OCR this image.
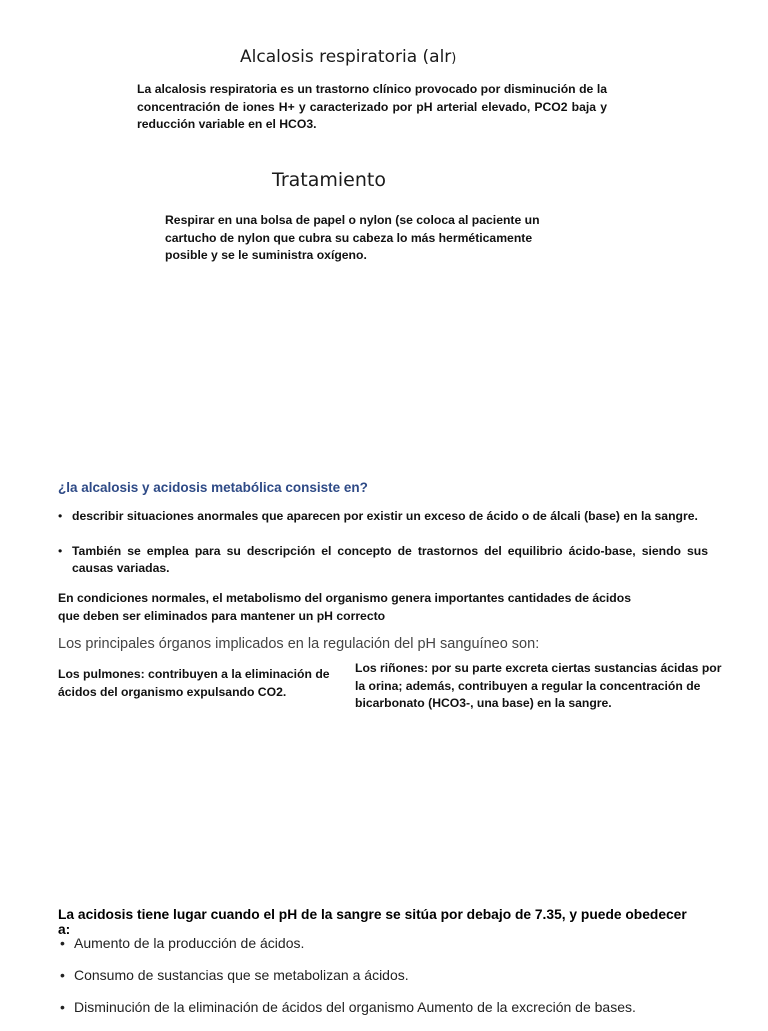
Alcalosis respiratoria (alr)
La alcalosis respiratoria es un trastorno clínico provocado por disminución de la concentración de iones H+ y caracterizado por pH arterial elevado, PCO2 baja y reducción variable en el HCO3.
Tratamiento
Respirar en una bolsa de papel o nylon (se coloca al paciente un cartucho de nylon que cubra su cabeza lo más herméticamente posible y se le suministra oxígeno.
¿la alcalosis y acidosis metabólica consiste en?
• describir situaciones anormales que aparecen por existir un exceso de ácido o de álcali (base) en la sangre.
• También se emplea para su descripción el concepto de trastornos del equilibrio ácido-base, siendo sus causas variadas.
En condiciones normales, el metabolismo del organismo genera importantes cantidades de ácidos que deben ser eliminados para mantener un pH correcto
Los principales órganos implicados en la regulación del pH sanguíneo son:
Los pulmones: contribuyen a la eliminación de ácidos del organismo expulsando CO2.
Los riñones: por su parte excreta ciertas sustancias ácidas por la orina; además, contribuyen a regular la concentración de bicarbonato (HCO3-, una base) en la sangre.
La acidosis tiene lugar cuando el pH de la sangre se sitúa por debajo de 7.35, y puede obedecer a:
• Aumento de la producción de ácidos.
• Consumo de sustancias que se metabolizan a ácidos.
• Disminución de la eliminación de ácidos del organismo Aumento de la excreción de bases.
